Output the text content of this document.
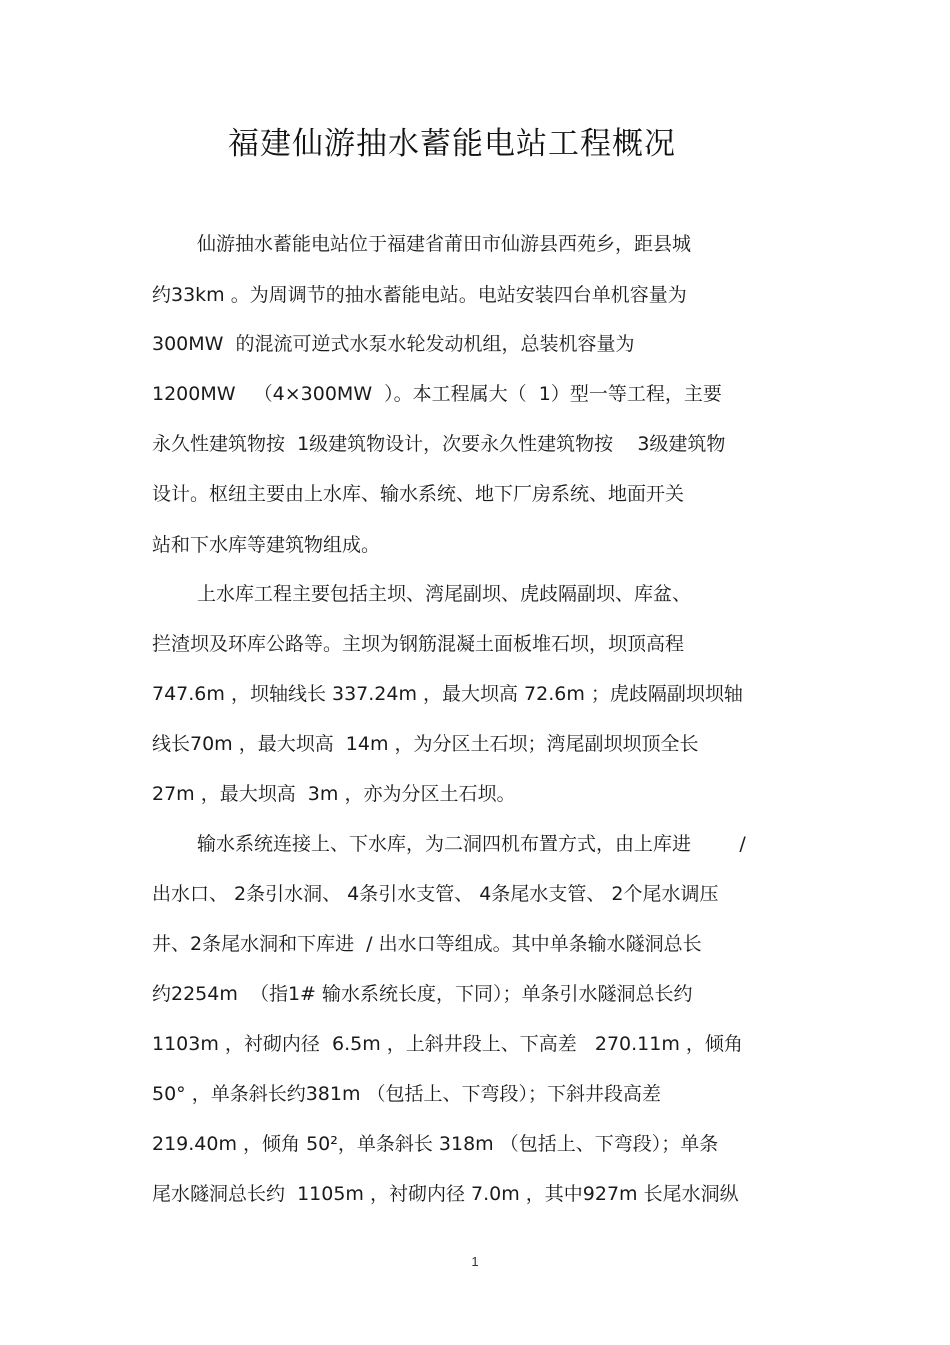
福建仙游抽水蓄能电站工程概况
仙游抽水蓄能电站位于福建省莆田市仙游县西苑乡，距县城
约33km 。为周调节的抽水蓄能电站。电站安装四台单机容量为
300MW  的混流可逆式水泵水轮发动机组，总装机容量为
1200MW   （4×300MW  ）。本工程属大（  1）型一等工程，主要
永久性建筑物按  1级建筑物设计，次要永久性建筑物按    3级建筑物
设计。枢纽主要由上水库、输水系统、地下厂房系统、地面开关
站和下水库等建筑物组成。
上水库工程主要包括主坝、湾尾副坝、虎歧隔副坝、库盆、
拦渣坝及环库公路等。主坝为钢筋混凝土面板堆石坝，坝顶高程
747.6m ，坝轴线长 337.24m ，最大坝高 72.6m ；虎歧隔副坝坝轴
线长70m ，最大坝高  14m ，为分区土石坝；湾尾副坝坝顶全长
27m ，最大坝高  3m ，亦为分区土石坝。
输水系统连接上、下水库，为二洞四机布置方式，由上库进        /
出水口、 2条引水洞、 4条引水支管、 4条尾水支管、 2个尾水调压
井、2条尾水洞和下库进  / 出水口等组成。其中单条输水隧洞总长
约2254m  （指1# 输水系统长度，下同）；单条引水隧洞总长约
1103m ，衬砌内径  6.5m ，上斜井段上、下高差   270.11m ，倾角
50° ，单条斜长约381m （包括上、下弯段）；下斜井段高差
219.40m ，倾角 50²，单条斜长 318m （包括上、下弯段）；单条
尾水隧洞总长约  1105m ，衬砌内径 7.0m ，其中927m 长尾水洞纵
1
